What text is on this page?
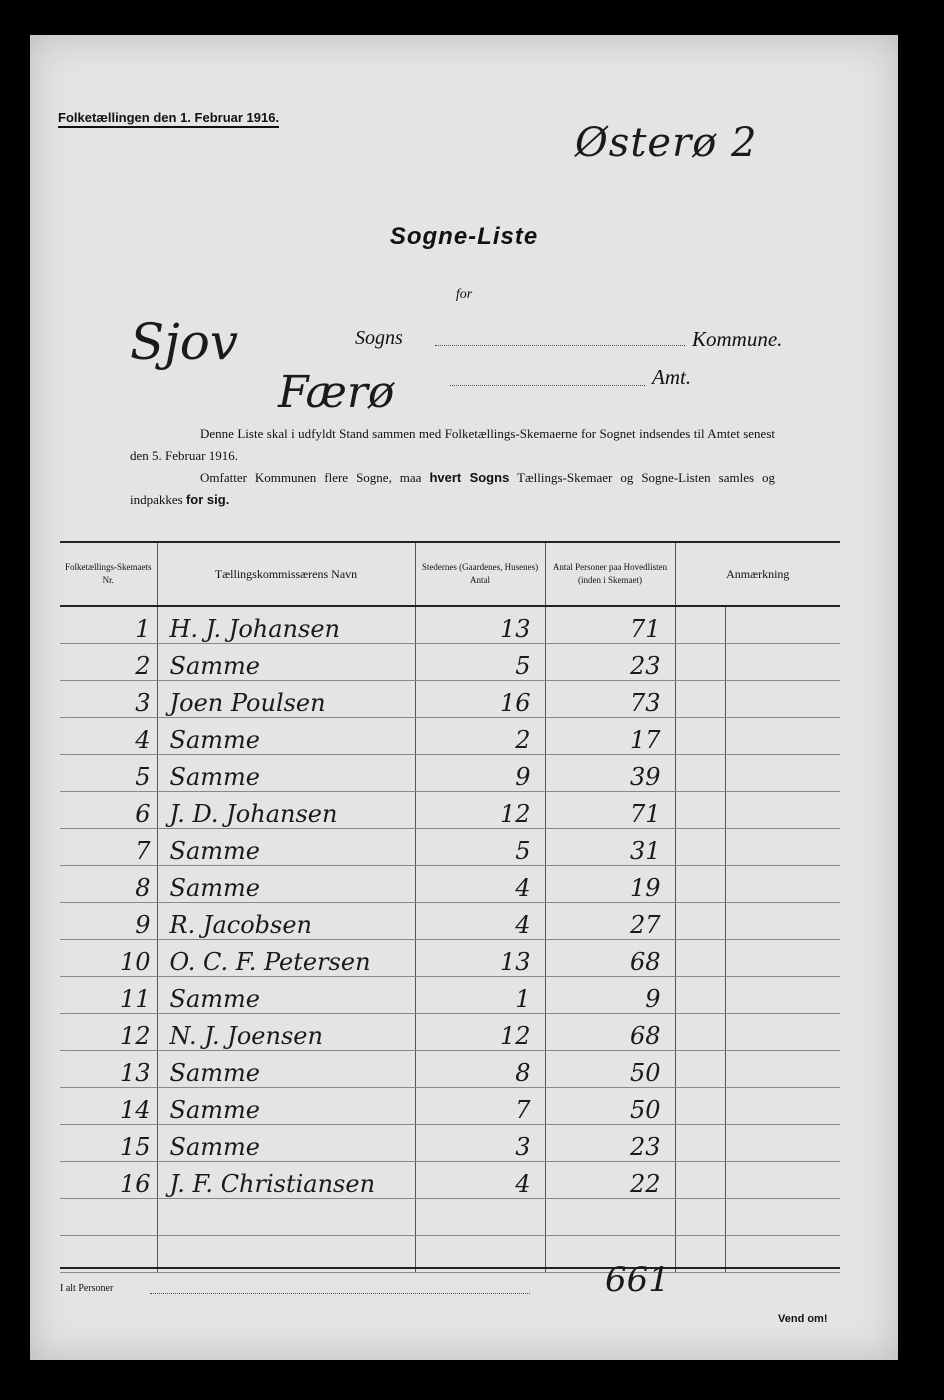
Folketællingen den 1. Februar 1916.
Østerø 2
Sogne-Liste
for
Sjov	Sogns	Kommune.
Færø	Amt.
Denne Liste skal i udfyldt Stand sammen med Folketællings-Skemaerne for Sognet indsendes til Amtet senest den 5. Februar 1916.
Omfatter Kommunen flere Sogne, maa hvert Sogns Tællings-Skemaer og Sogne-Listen samles og indpakkes for sig.
Folketællings-Skemaets Nr.	Tællingskommissærens Navn	Stedernes (Gaardenes, Husenes) Antal	Antal Personer paa Hovedlisten (inden i Skemaet)	Anmærkning	
1	H. J. Johansen	13	71		
2	Samme	5	23		
3	Joen Poulsen	16	73		
4	Samme	2	17		
5	Samme	9	39		
6	J. D. Johansen	12	71		
7	Samme	5	31		
8	Samme	4	19		
9	R. Jacobsen	4	27		
10	O. C. F. Petersen	13	68		
11	Samme	1	9		
12	N. J. Joensen	12	68		
13	Samme	8	50		
14	Samme	7	50		
15	Samme	3	23		
16	J. F. Christiansen	4	22		

I alt Personer	661
Vend om!
